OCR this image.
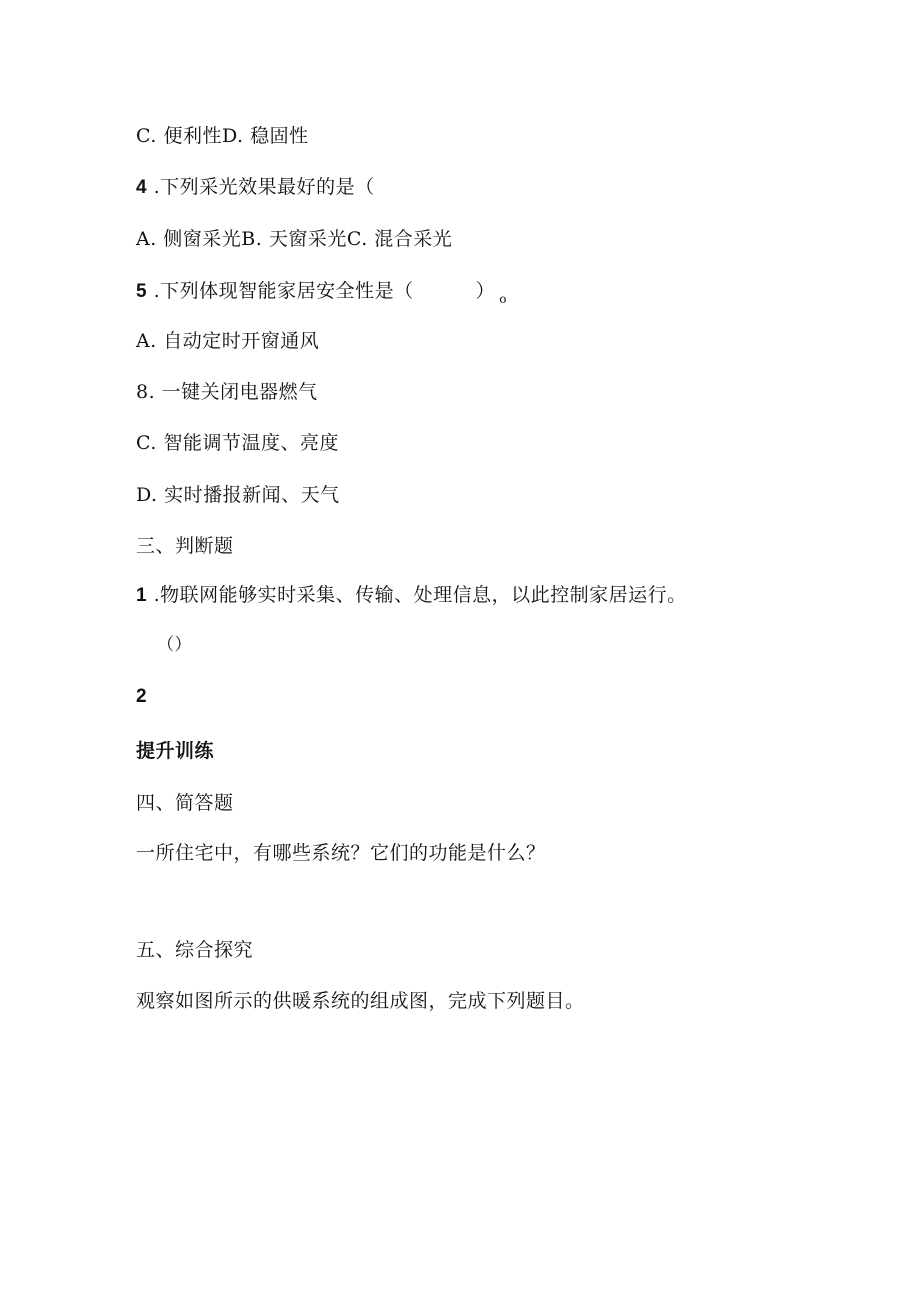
C. 便利性D. 稳固性
4 .下列采光效果最好的是（
A. 侧窗采光B. 天窗采光C. 混合采光
5 .下列体现智能家居安全性是（	） $_o$
A. 自动定时开窗通风
8. 一键关闭电器燃气
C. 智能调节温度、亮度
D. 实时播报新闻、天气
三、判断题
1 .物联网能够实时采集、传输、处理信息，以此控制家居运行。
（）
2
提升训练
四、简答题
一所住宅中，有哪些系统？它们的功能是什么？
五、综合探究
观察如图所示的供暖系统的组成图，完成下列题目。
